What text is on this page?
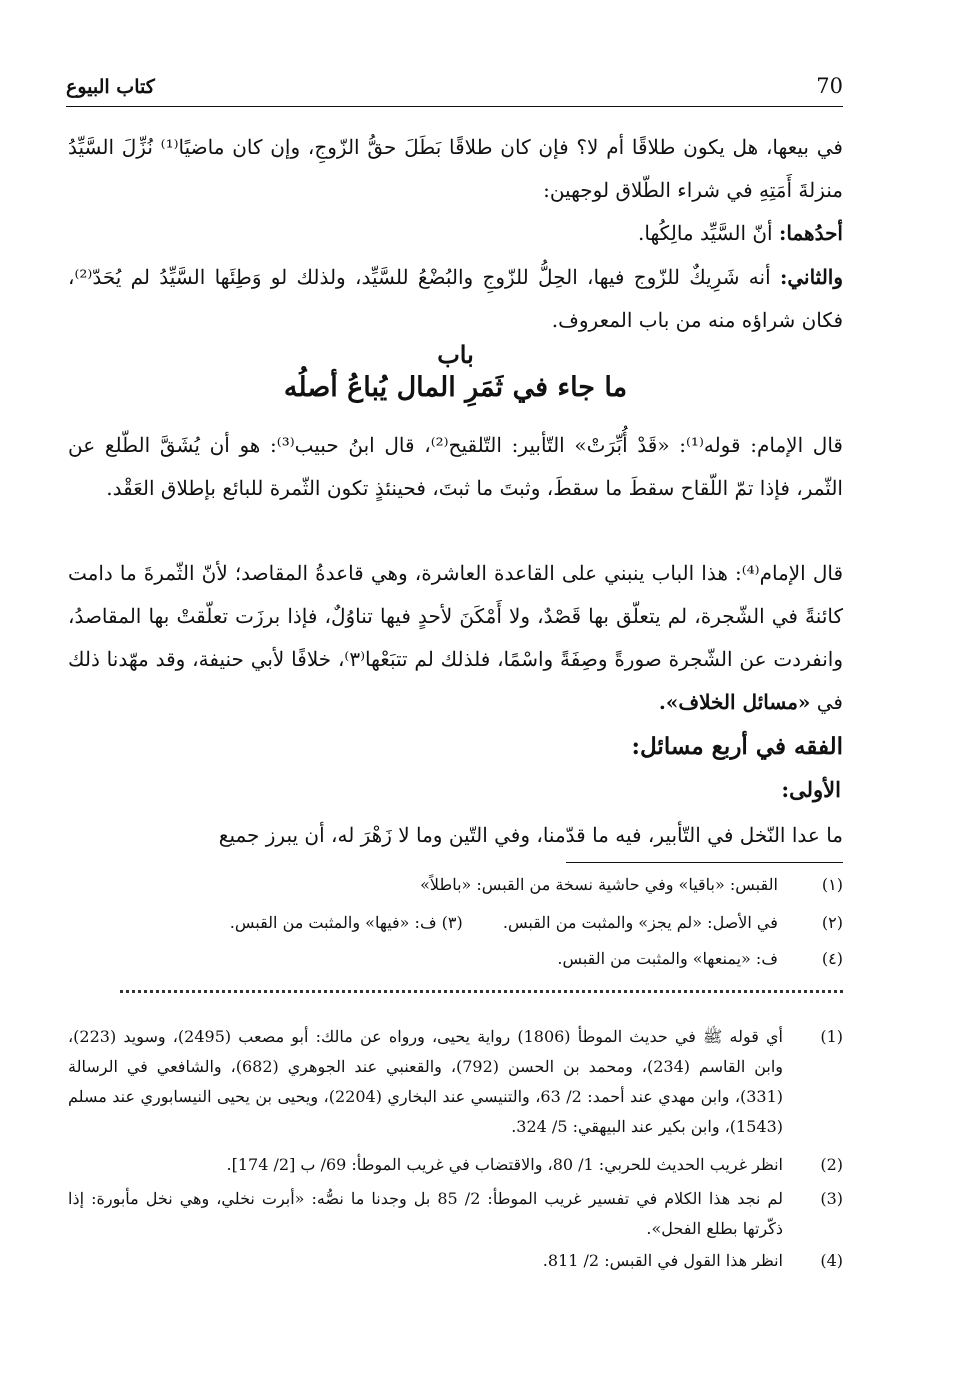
70
كتاب البيوع

في بيعها، هل يكون طلاقًا أم لا؟ فإن كان طلاقًا بَطَلَ حقُّ الزّوجِ، وإن كان ماضيًا⁽¹⁾ نُزِّلَ السَّيِّدُ منزلةَ أَمَتِهِ في شراء الطّلاق لوجهين:

أحدُهما: أنّ السَّيِّد مالِكُها.

والثاني: أنه شَرِيكٌ للزّوج فيها، الحِلُّ للزّوجِ والبُضْعُ للسَّيِّد، ولذلك لو وَطِئَها السَّيِّدُ لم يُحَدّ⁽²⁾، فكان شراؤه منه من باب المعروف.

باب

ما جاء في ثَمَرِ المال يُباعُ أصلُه

قال الإمام: قوله⁽¹⁾: «قَدْ أُبِّرَتْ» التّأبير: التّلقيح⁽²⁾، قال ابنُ حبيب⁽³⁾: هو أن يُشَقَّ الطّلع عن الثّمر، فإذا تمّ اللّقاح سقطَ ما سقطَ، وثبتَ ما ثبتَ، فحينئذٍ تكون الثّمرة للبائع بإطلاق العَقْد.

قال الإمام⁽⁴⁾: هذا الباب ينبني على القاعدة العاشرة، وهي قاعدةُ المقاصد؛ لأنّ الثّمرةَ ما دامت كائنةً في الشّجرة، لم يتعلّق بها قَصْدٌ، ولا أَمْكَنَ لأحدٍ فيها تناوُلٌ، فإذا برزَت تعلّقتْ بها المقاصدُ، وانفردت عن الشّجرة صورةً وصِفَةً واسْمًا، فلذلك لم تتبَعْها⁽٣⁾، خلافًا لأبي حنيفة، وقد مهّدنا ذلك في «مسائل الخلاف».

الفقه في أربع مسائل:

الأولى:

ما عدا النّخل في التّأبير، فيه ما قدّمنا، وفي التّين وما لا زَهْرَ له، أن يبرز جميع

(١) القبس: «باقيا» وفي حاشية نسخة من القبس: «باطلاً»
(٢) في الأصل: «لم يجز» والمثبت من القبس.  (٣) ف: «فيها» والمثبت من القبس.
(٤) ف: «يمنعها» والمثبت من القبس.
(1)
أي قوله ﷺ في حديث الموطأ (1806) رواية يحيى، ورواه عن مالك: أبو مصعب (2495)، وسويد (223)، وابن القاسم (234)، ومحمد بن الحسن (792)، والقعنبي عند الجوهري (682)، والشافعي في الرسالة (331)، وابن مهدي عند أحمد: 2/ 63، والتنيسي عند البخاري (2204)، ويحيى بن يحيى النيسابوري عند مسلم (1543)، وابن بكير عند البيهقي: 5/ 324.
(2)
انظر غريب الحديث للحربي: 1/ 80، والاقتضاب في غريب الموطأ: 69/ ب [2/ 174].
(3)
لم نجد هذا الكلام في تفسير غريب الموطأ: 2/ 85 بل وجدنا ما نصُّه: «أبرت نخلي، وهي نخل مأبورة: إذا ذكّرتها بطلع الفحل».
(4)
انظر هذا القول في القبس: 2/ 811.
